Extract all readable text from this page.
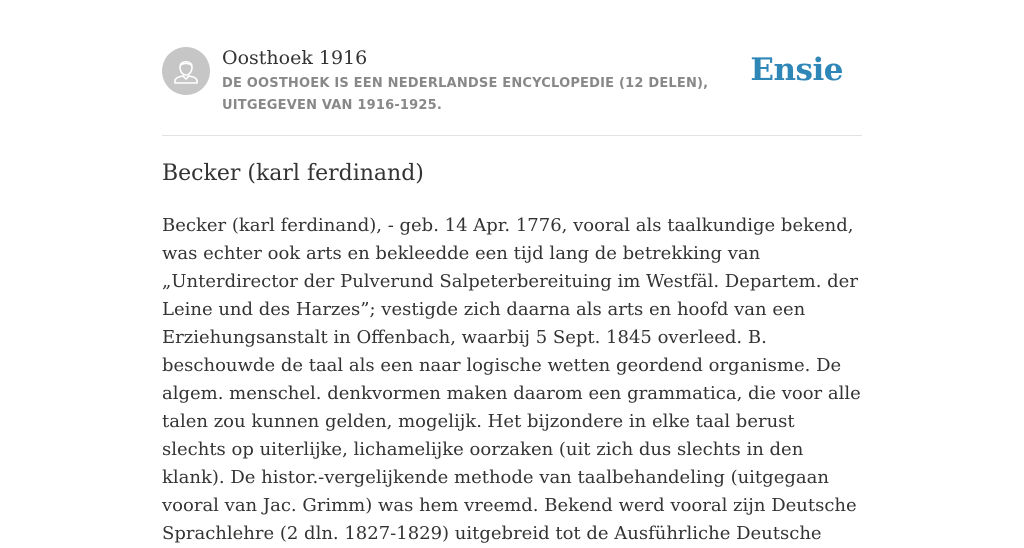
Oosthoek 1916
DE OOSTHOEK IS EEN NEDERLANDSE ENCYCLOPEDIE (12 DELEN), UITGEGEVEN VAN 1916-1925.
Ensie
Becker (karl ferdinand)

Becker (karl ferdinand), - geb. 14 Apr. 1776, vooral als taalkundige bekend, was echter ook arts en bekleedde een tijd lang de betrekking van „Unterdirector der Pulverund Salpeterbereituing im Westfäl. Departem. der Leine und des Harzes”; vestigde zich daarna als arts en hoofd van een Erziehungsanstalt in Offenbach, waarbij 5 Sept. 1845 overleed. B. beschouwde de taal als een naar logische wetten geordend organisme. De algem. menschel. denkvormen maken daarom een grammatica, die voor alle talen zou kunnen gelden, mogelijk. Het bijzondere in elke taal berust slechts op uiterlijke, lichamelijke oorzaken (uit zich dus slechts in den klank). De histor.-vergelijkende methode van taalbehandeling (uitgegaan vooral van Jac. Grimm) was hem vreemd. Bekend werd vooral zijn Deutsche Sprachlehre (2 dln. 1827-1829) uitgebreid tot de Ausführliche Deutsche
